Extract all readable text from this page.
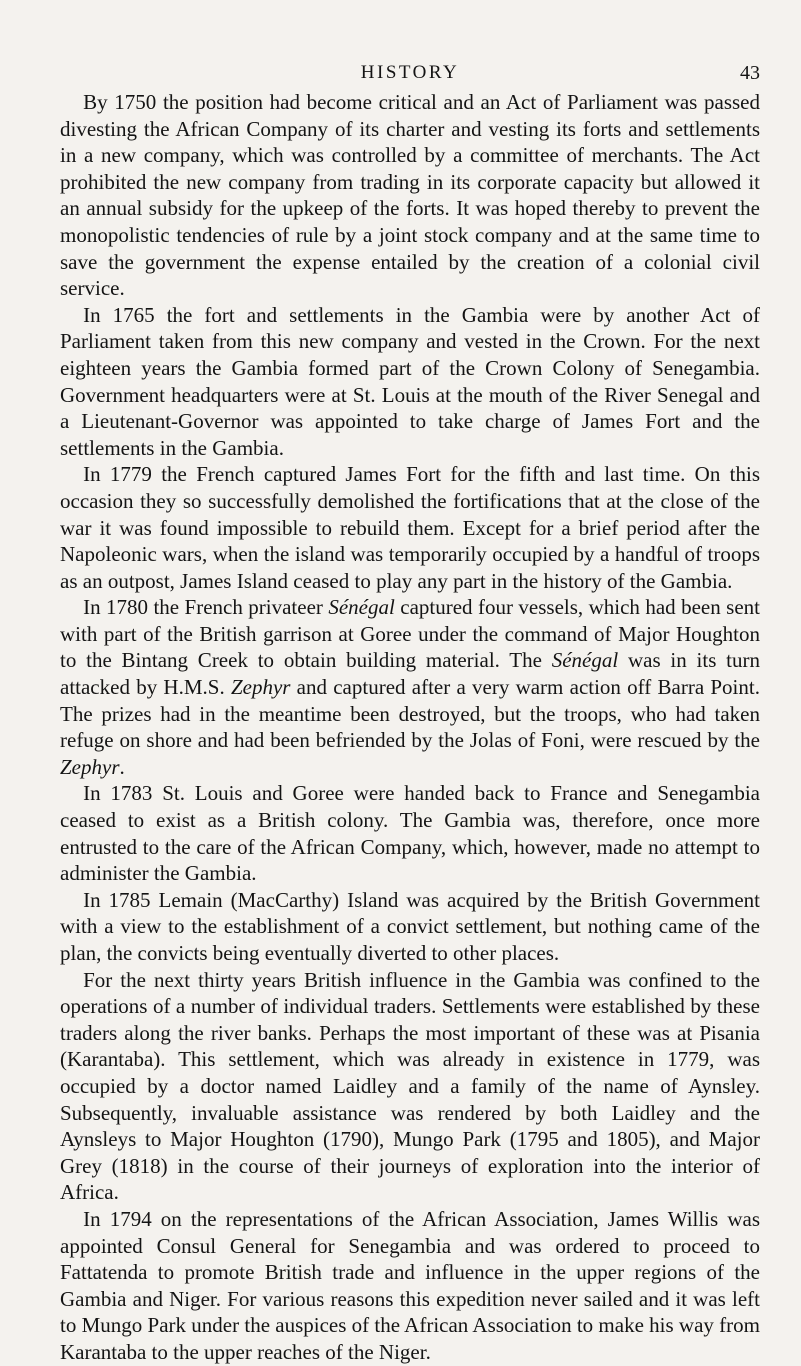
HISTORY	43

By 1750 the position had become critical and an Act of Parliament was passed divesting the African Company of its charter and vesting its forts and settlements in a new company, which was controlled by a committee of merchants. The Act prohibited the new company from trading in its corporate capacity but allowed it an annual subsidy for the upkeep of the forts. It was hoped thereby to prevent the monopolistic tendencies of rule by a joint stock company and at the same time to save the government the expense entailed by the creation of a colonial civil service.

In 1765 the fort and settlements in the Gambia were by another Act of Parliament taken from this new company and vested in the Crown. For the next eighteen years the Gambia formed part of the Crown Colony of Senegambia. Government headquarters were at St. Louis at the mouth of the River Senegal and a Lieutenant-Governor was appointed to take charge of James Fort and the settlements in the Gambia.

In 1779 the French captured James Fort for the fifth and last time. On this occasion they so successfully demolished the fortifications that at the close of the war it was found impossible to rebuild them. Except for a brief period after the Napoleonic wars, when the island was temporarily occupied by a handful of troops as an outpost, James Island ceased to play any part in the history of the Gambia.

In 1780 the French privateer Sénégal captured four vessels, which had been sent with part of the British garrison at Goree under the command of Major Houghton to the Bintang Creek to obtain building material. The Sénégal was in its turn attacked by H.M.S. Zephyr and captured after a very warm action off Barra Point. The prizes had in the meantime been destroyed, but the troops, who had taken refuge on shore and had been befriended by the Jolas of Foni, were rescued by the Zephyr.

In 1783 St. Louis and Goree were handed back to France and Senegambia ceased to exist as a British colony. The Gambia was, therefore, once more entrusted to the care of the African Company, which, however, made no attempt to administer the Gambia.

In 1785 Lemain (MacCarthy) Island was acquired by the British Government with a view to the establishment of a convict settlement, but nothing came of the plan, the convicts being eventually diverted to other places.

For the next thirty years British influence in the Gambia was confined to the operations of a number of individual traders. Settlements were established by these traders along the river banks. Perhaps the most important of these was at Pisania (Karantaba). This settlement, which was already in existence in 1779, was occupied by a doctor named Laidley and a family of the name of Aynsley. Subsequently, invaluable assistance was rendered by both Laidley and the Aynsleys to Major Houghton (1790), Mungo Park (1795 and 1805), and Major Grey (1818) in the course of their journeys of exploration into the interior of Africa.

In 1794 on the representations of the African Association, James Willis was appointed Consul General for Senegambia and was ordered to proceed to Fattatenda to promote British trade and influence in the upper regions of the Gambia and Niger. For various reasons this expedition never sailed and it was left to Mungo Park under the auspices of the African Association to make his way from Karantaba to the upper reaches of the Niger.
